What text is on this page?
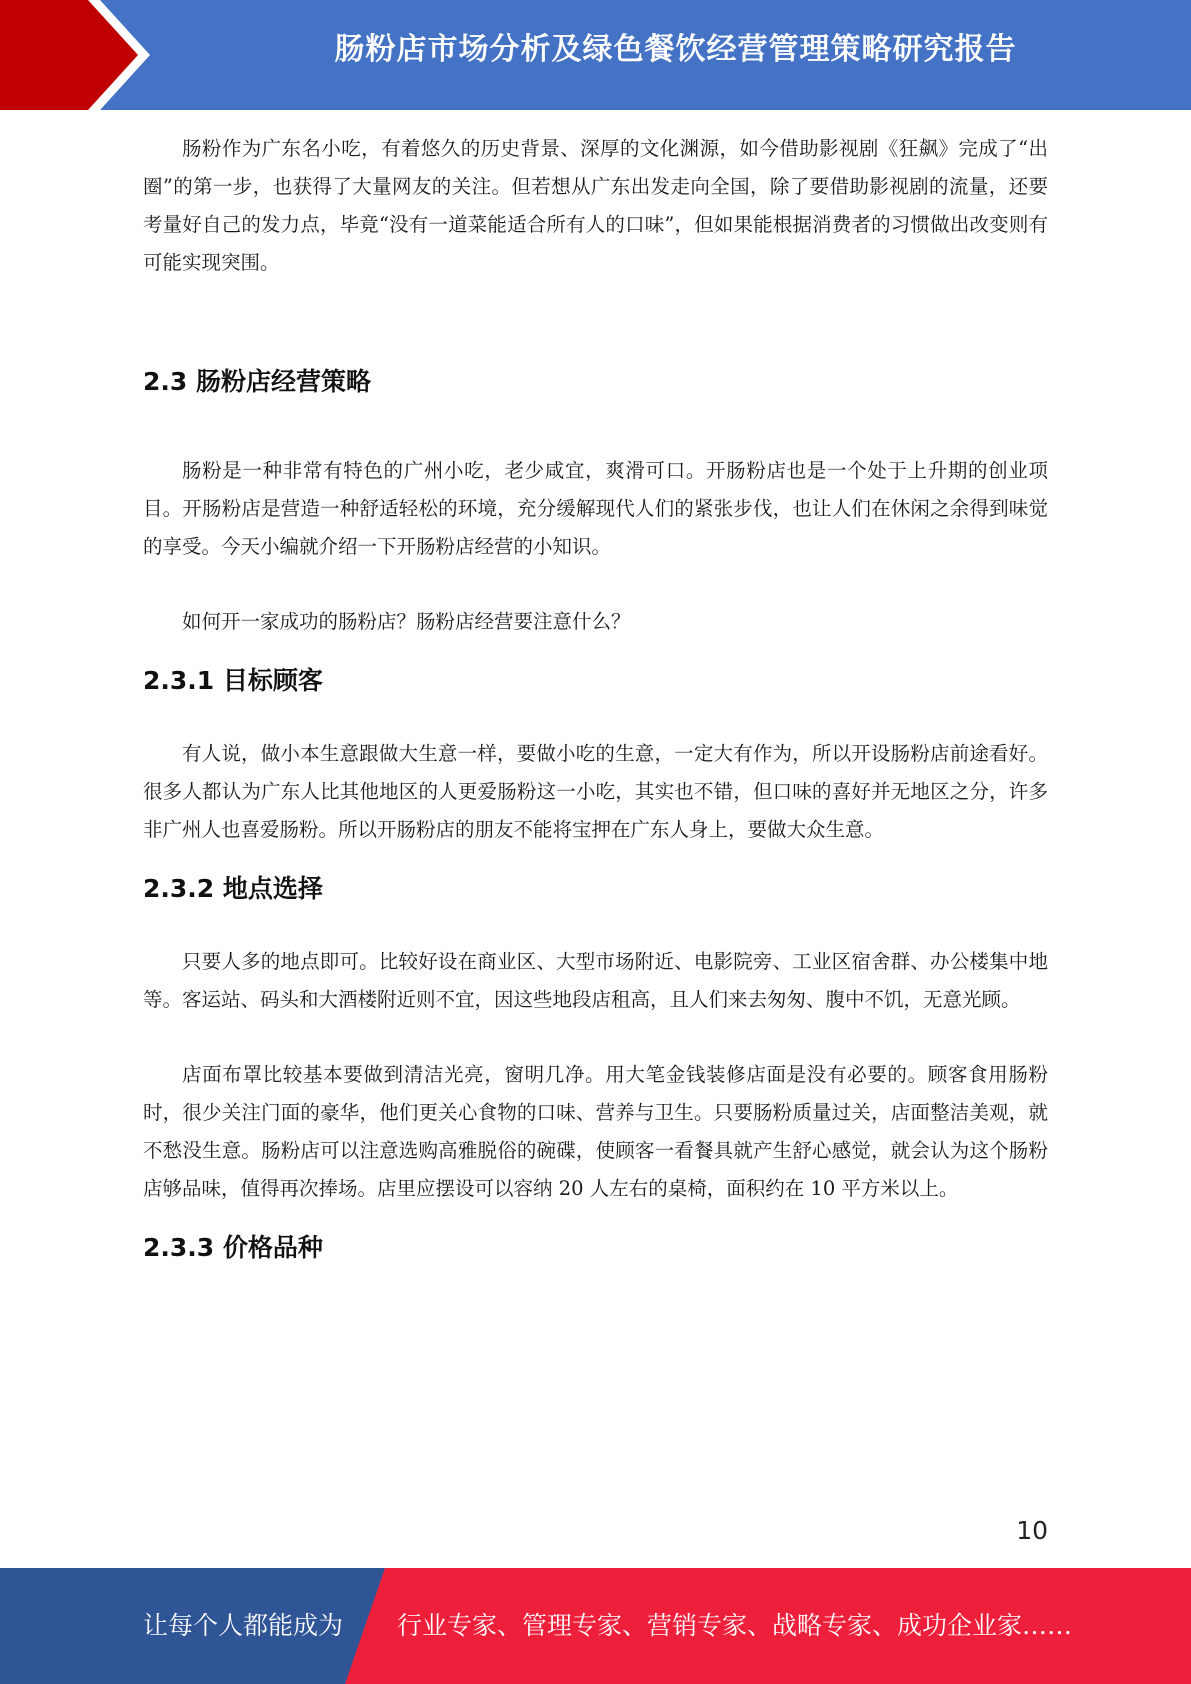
肠粉店市场分析及绿色餐饮经营管理策略研究报告

肠粉作为广东名小吃，有着悠久的历史背景、深厚的文化渊源，如今借助影视剧《狂飙》完成了“出圈”的第一步，也获得了大量网友的关注。但若想从广东出发走向全国，除了要借助影视剧的流量，还要考量好自己的发力点，毕竟“没有一道菜能适合所有人的口味”，但如果能根据消费者的习惯做出改变则有可能实现突围。

2.3 肠粉店经营策略

肠粉是一种非常有特色的广州小吃，老少咸宜，爽滑可口。开肠粉店也是一个处于上升期的创业项目。开肠粉店是营造一种舒适轻松的环境，充分缓解现代人们的紧张步伐，也让人们在休闲之余得到味觉的享受。今天小编就介绍一下开肠粉店经营的小知识。

如何开一家成功的肠粉店？肠粉店经营要注意什么？

2.3.1 目标顾客

有人说，做小本生意跟做大生意一样，要做小吃的生意，一定大有作为，所以开设肠粉店前途看好。很多人都认为广东人比其他地区的人更爱肠粉这一小吃，其实也不错，但口味的喜好并无地区之分，许多非广州人也喜爱肠粉。所以开肠粉店的朋友不能将宝押在广东人身上，要做大众生意。

2.3.2 地点选择

只要人多的地点即可。比较好设在商业区、大型市场附近、电影院旁、工业区宿舍群、办公楼集中地等。客运站、码头和大酒楼附近则不宜，因这些地段店租高，且人们来去匆匆、腹中不饥，无意光顾。

店面布罩比较基本要做到清洁光亮，窗明几净。用大笔金钱装修店面是没有必要的。顾客食用肠粉时，很少关注门面的豪华，他们更关心食物的口味、营养与卫生。只要肠粉质量过关，店面整洁美观，就不愁没生意。肠粉店可以注意选购高雅脱俗的碗碟，使顾客一看餐具就产生舒心感觉，就会认为这个肠粉店够品味，值得再次捧场。店里应摆设可以容纳 20 人左右的桌椅，面积约在 10 平方米以上。

2.3.3 价格品种
10
让每个人都能成为 行业专家、管理专家、营销专家、战略专家、成功企业家……
